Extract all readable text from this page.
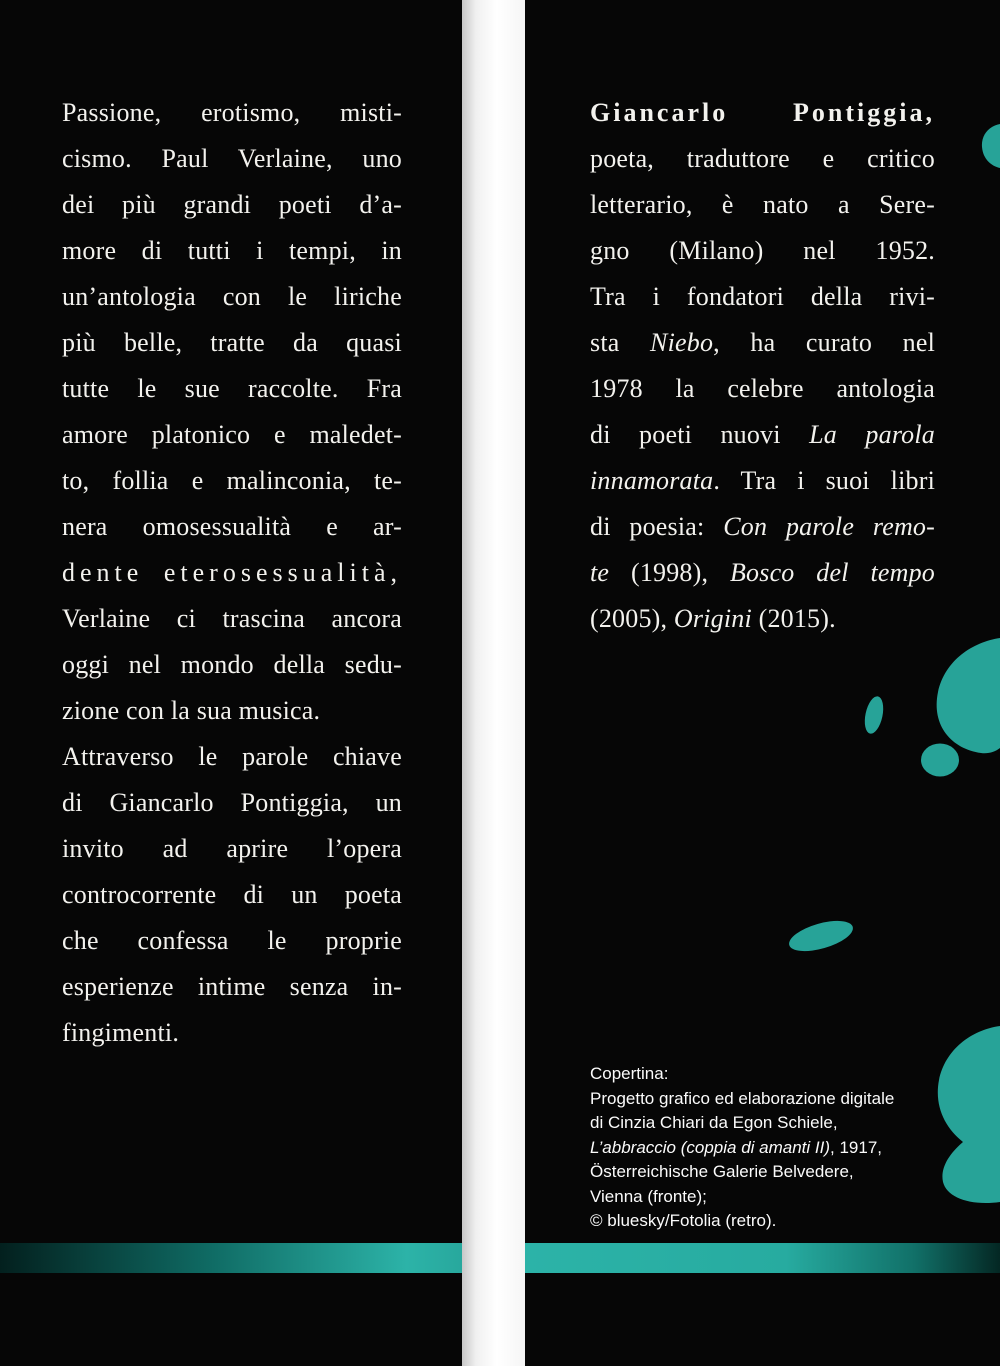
Passione, erotismo, misti-
cismo. Paul Verlaine, uno
dei più grandi poeti d’a-
more di tutti i tempi, in
un’antologia con le liriche
più belle, tratte da quasi
tutte le sue raccolte. Fra
amore platonico e maledet-
to, follia e malinconia, te-
nera omosessualità e ar-
dente eterosessualità,
Verlaine ci trascina ancora
oggi nel mondo della sedu-
zione con la sua musica.
Attraverso le parole chiave
di Giancarlo Pontiggia, un
invito ad aprire l’opera
controcorrente di un poeta
che confessa le proprie
esperienze intime senza in-
fingimenti.
Giancarlo Pontiggia,
poeta, traduttore e critico
letterario, è nato a Sere-
gno (Milano) nel 1952.
Tra i fondatori della rivi-
sta Niebo, ha curato nel
1978 la celebre antologia
di poeti nuovi La parola
innamorata. Tra i suoi libri
di poesia: Con parole remo-
te (1998), Bosco del tempo
(2005), Origini (2015).
Copertina:
Progetto grafico ed elaborazione digitale
di Cinzia Chiari da Egon Schiele,
L’abbraccio (coppia di amanti II), 1917,
Österreichische Galerie Belvedere,
Vienna (fronte);
© bluesky/Fotolia (retro).
